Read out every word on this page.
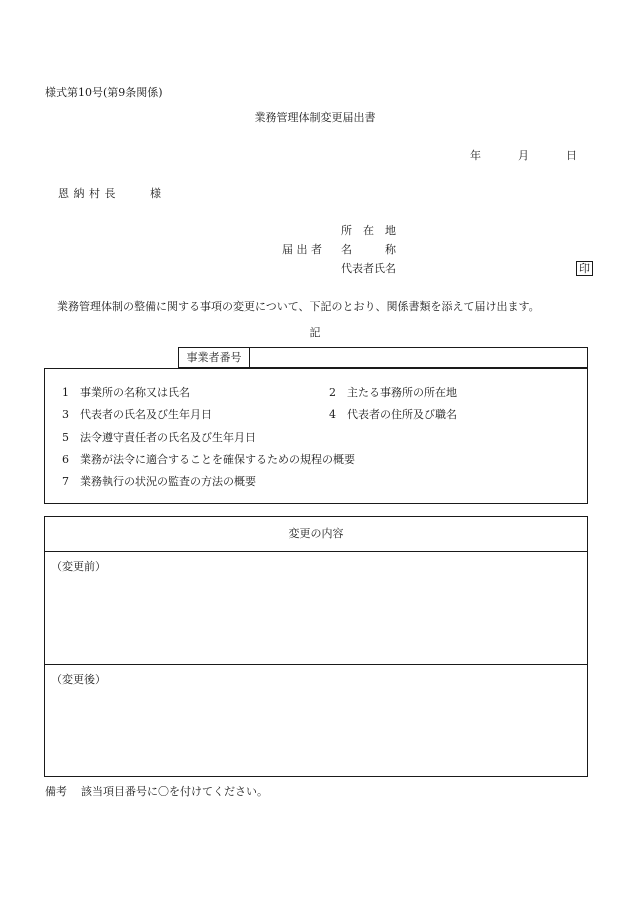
様式第10号(第9条関係)
業務管理体制変更届出書
年	月	日
恩 納 村 長	様
所　在　地
届 出 者 名　　　称
代表者氏名	印
業務管理体制の整備に関する事項の変更について、下記のとおり、関係書類を添えて届け出ます。
記
事業者番号
1 事業所の名称又は氏名	2 主たる事務所の所在地
3 代表者の氏名及び生年月日	4 代表者の住所及び職名
5 法令遵守責任者の氏名及び生年月日
6 業務が法令に適合することを確保するための規程の概要
7 業務執行の状況の監査の方法の概要
変更の内容
（変更前）
（変更後）
備考 該当項目番号に〇を付けてください。
